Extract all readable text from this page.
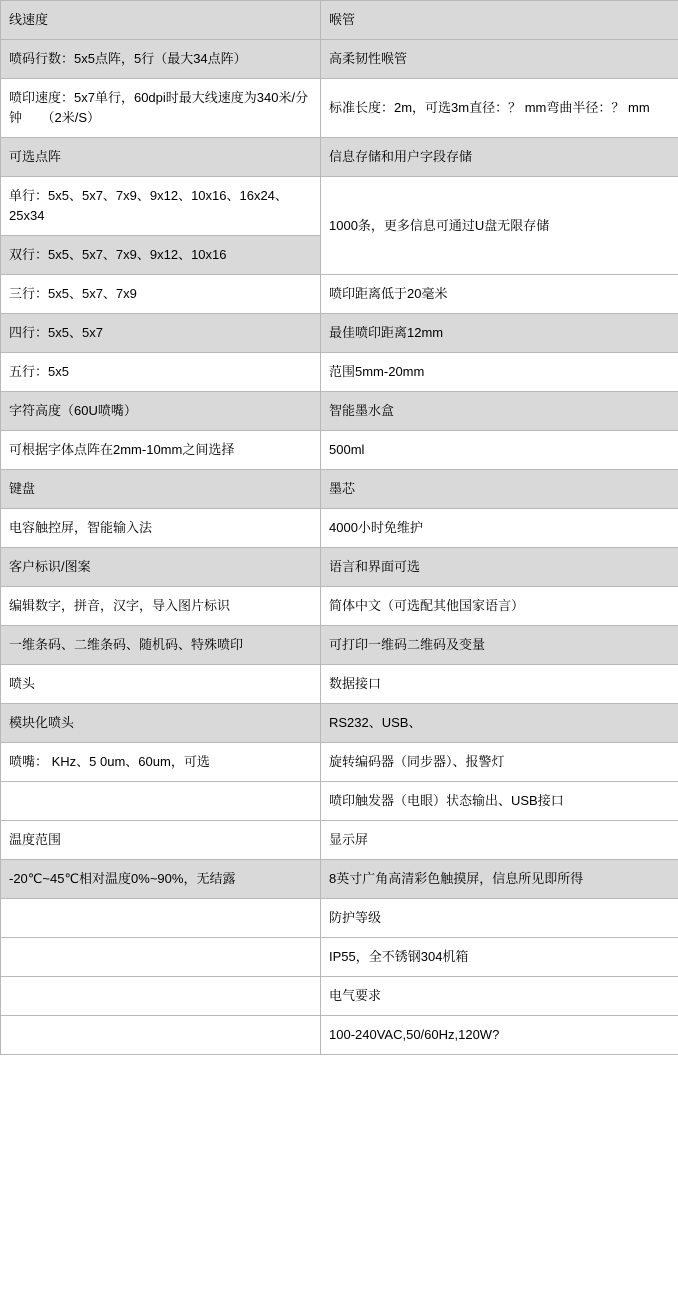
线速度	喉管
喷码行数：5x5点阵，5行（最大34点阵）	高柔韧性喉管
喷印速度：5x7单行，60dpi时最大线速度为340米/分钟　　（2米/S）	标准长度：2m，可选3m直径：？ mm弯曲半径：？ mm
可选点阵	信息存储和用户字段存储
单行：5x5、5x7、7x9、9x12、10x16、16x24、25x34	1000条，更多信息可通过U盘无限存储
双行：5x5、5x7、7x9、9x12、10x16	
三行：5x5、5x7、7x9	喷印距离低于20毫米
四行：5x5、5x7	最佳喷印距离12mm
五行：5x5	范围5mm-20mm
字符高度（60U喷嘴）	智能墨水盒
可根据字体点阵在2mm-10mm之间选择	500ml
键盘	墨芯
电容触控屏，智能输入法	4000小时免维护
客户标识/图案	语言和界面可选
编辑数字，拼音，汉字，导入图片标识	简体中文（可选配其他国家语言）
一维条码、二维条码、随机码、特殊喷印	可打印一维码二维码及变量
喷头	数据接口
模块化喷头	RS232、USB、
喷嘴： KHz、5 0um、60um，可选	旋转编码器（同步器）、报警灯
	喷印触发器（电眼）状态输出、USB接口
温度范围	显示屏
-20℃~45℃相对温度0%~90%，无结露	8英寸广角高清彩色触摸屏，信息所见即所得
	防护等级
	IP55，全不锈钢304机箱
	电气要求
	100-240VAC,50/60Hz,120W?
